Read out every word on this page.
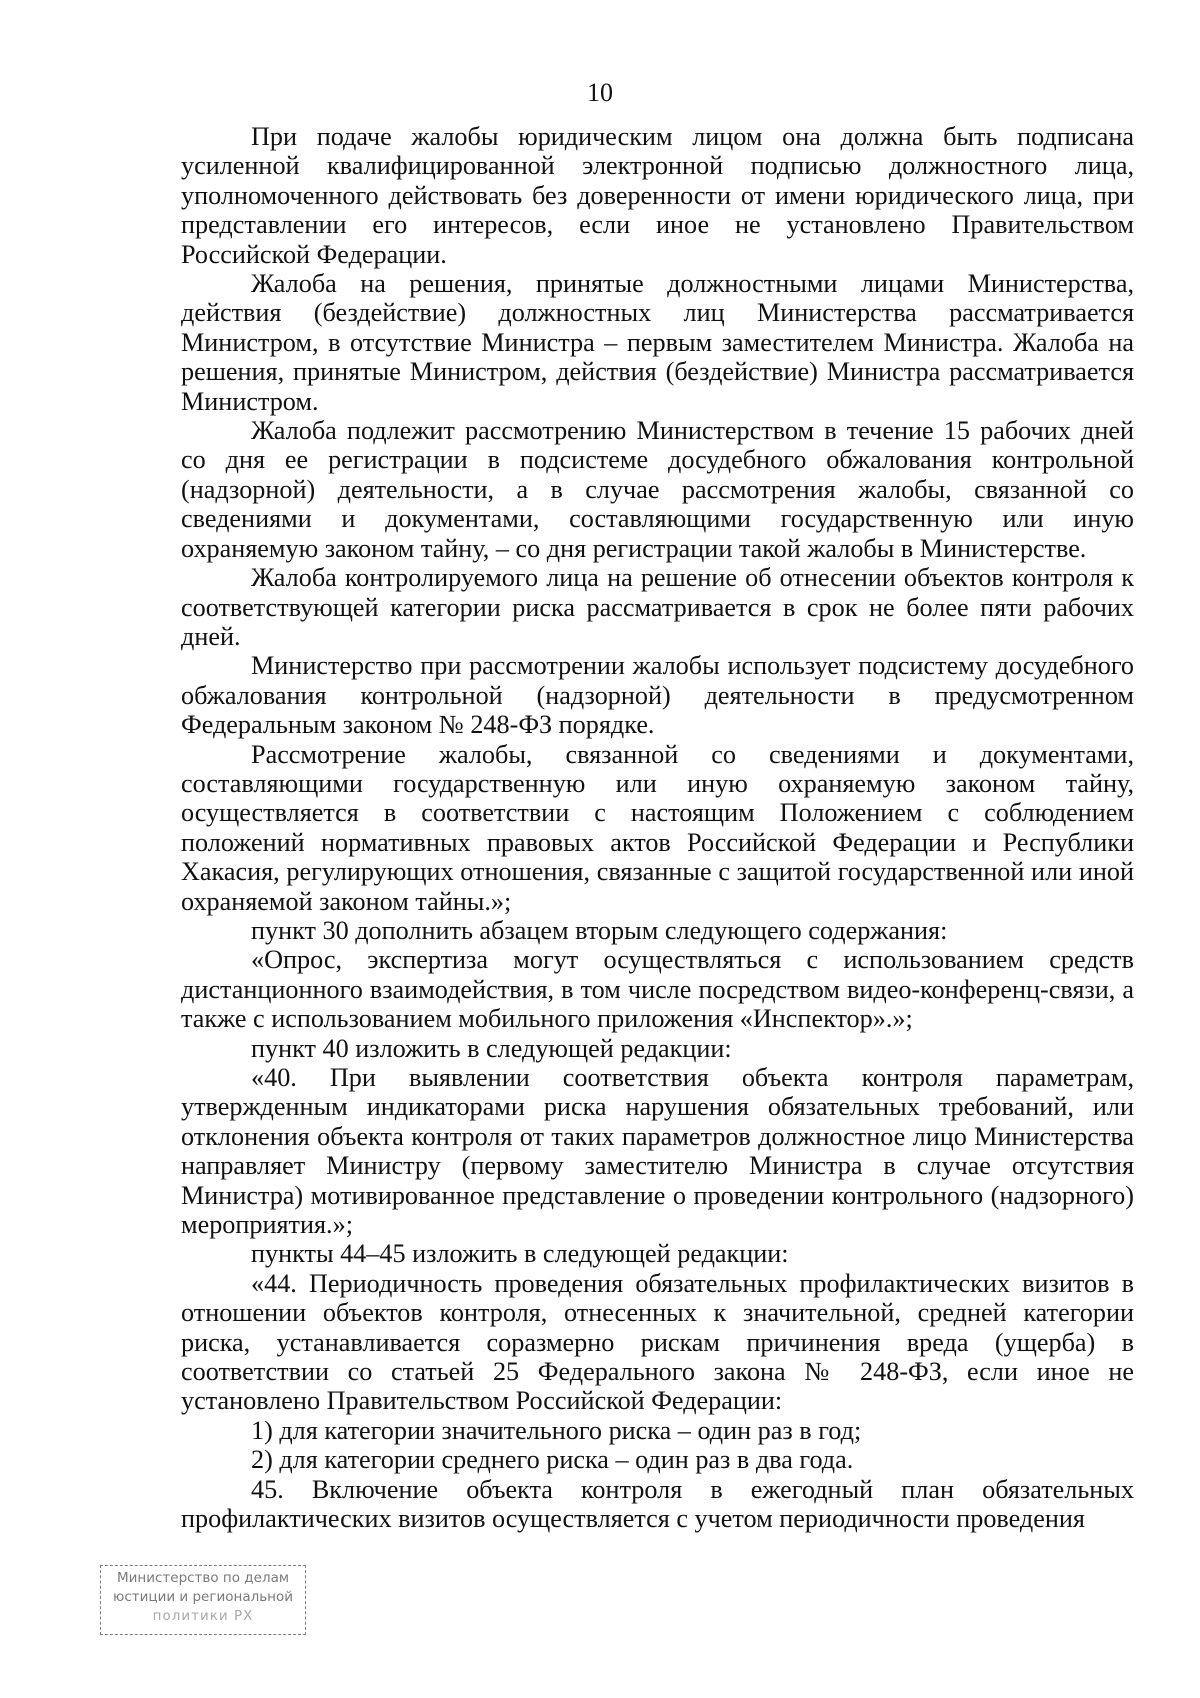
10

При подаче жалобы юридическим лицом она должна быть подписана усиленной квалифицированной электронной подписью должностного лица, уполномоченного действовать без доверенности от имени юридического лица, при представлении его интересов, если иное не установлено Правительством Российской Федерации.

Жалоба на решения, принятые должностными лицами Министерства, действия (бездействие) должностных лиц Министерства рассматривается Министром, в отсутствие Министра – первым заместителем Министра. Жалоба на решения, принятые Министром, действия (бездействие) Министра рассматривается Министром.

Жалоба подлежит рассмотрению Министерством в течение 15 рабочих дней со дня ее регистрации в подсистеме досудебного обжалования контрольной (надзорной) деятельности, а в случае рассмотрения жалобы, связанной со сведениями и документами, составляющими государственную или иную охраняемую законом тайну, – со дня регистрации такой жалобы в Министерстве.

Жалоба контролируемого лица на решение об отнесении объектов контроля к соответствующей категории риска рассматривается в срок не более пяти рабочих дней.

Министерство при рассмотрении жалобы использует подсистему досудебного обжалования контрольной (надзорной) деятельности в предусмотренном Федеральным законом № 248-ФЗ порядке.

Рассмотрение жалобы, связанной со сведениями и документами, составляющими государственную или иную охраняемую законом тайну, осуществляется в соответствии с настоящим Положением с соблюдением положений нормативных правовых актов Российской Федерации и Республики Хакасия, регулирующих отношения, связанные с защитой государственной или иной охраняемой законом тайны.»;

пункт 30 дополнить абзацем вторым следующего содержания:

«Опрос, экспертиза могут осуществляться с использованием средств дистанционного взаимодействия, в том числе посредством видео-конференц-связи, а также с использованием мобильного приложения «Инспектор».»;

пункт 40 изложить в следующей редакции:

«40. При выявлении соответствия объекта контроля параметрам, утвержденным индикаторами риска нарушения обязательных требований, или отклонения объекта контроля от таких параметров должностное лицо Министерства направляет Министру (первому заместителю Министра в случае отсутствия Министра) мотивированное представление о проведении контрольного (надзорного) мероприятия.»;

пункты 44–45 изложить в следующей редакции:

«44. Периодичность проведения обязательных профилактических визитов в отношении объектов контроля, отнесенных к значительной, средней категории риска, устанавливается соразмерно рискам причинения вреда (ущерба) в соответствии со статьей 25 Федерального закона № 248-ФЗ, если иное не установлено Правительством Российской Федерации:

1) для категории значительного риска – один раз в год;

2) для категории среднего риска – один раз в два года.

45. Включение объекта контроля в ежегодный план обязательных профилактических визитов осуществляется с учетом периодичности проведения

Министерство по делам
юстиции и региональной
политики РХ
